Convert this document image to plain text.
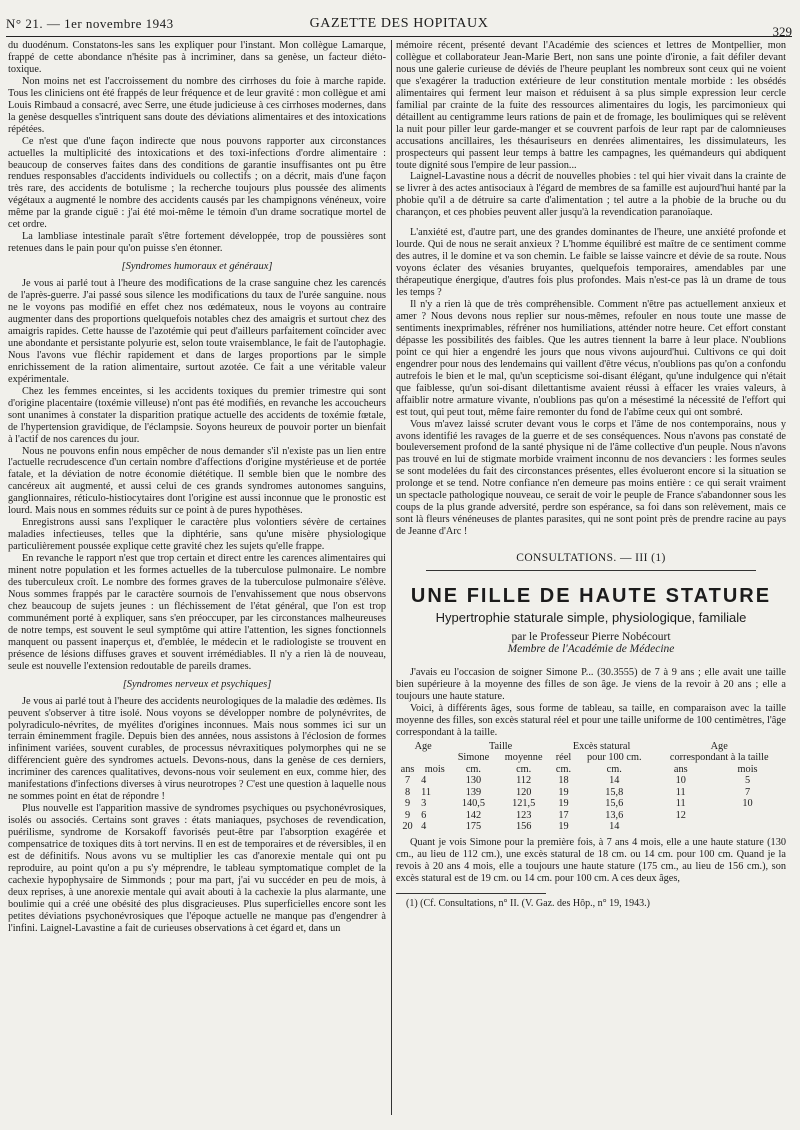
N° 21. — 1er novembre 1943	GAZETTE DES HOPITAUX
329

du duodénum. Constatons-les sans les expliquer pour l'instant. Mon collègue Lamarque, frappé de cette abondance n'hésite pas à incriminer, dans sa genèse, un facteur diéto-toxique.

Non moins net est l'accroissement du nombre des cirrhoses du foie à marche rapide. Tous les cliniciens ont été frappés de leur fréquence et de leur gravité : mon collègue et ami Louis Rimbaud a consacré, avec Serre, une étude judicieuse à ces cirrhoses modernes, dans la genèse desquelles s'intriquent sans doute des déviations alimentaires et des intoxications répétées.

Ce n'est que d'une façon indirecte que nous pouvons rapporter aux circonstances actuelles la multiplicité des intoxications et des toxi-infections d'ordre alimentaire : beaucoup de conserves faites dans des conditions de garantie insuffisantes ont pu être rendues responsables d'accidents individuels ou collectifs ; on a décrit, mais d'une façon très rare, des accidents de botulisme ; la recherche toujours plus poussée des aliments végétaux a augmenté le nombre des accidents causés par les champignons vénéneux, voire même par la grande ciguë : j'ai été moi-même le témoin d'un drame socratique mortel de cet ordre.

La lambliase intestinale paraît s'être fortement développée, trop de poussières sont retenues dans le pain pour qu'on puisse s'en étonner.

[Syndromes humoraux et généraux]

Je vous ai parlé tout à l'heure des modifications de la crase sanguine chez les carencés de l'après-guerre. J'ai passé sous silence les modifications du taux de l'urée sanguine. nous ne le voyons pas modifié en effet chez nos œdémateux, nous le voyons au contraire augmenter dans des proportions quelquefois notables chez des amaigris et surtout chez des amaigris rapides. Cette hausse de l'azotémie qui peut d'ailleurs parfaitement coïncider avec une abondante et persistante polyurie est, selon toute vraisemblance, le fait de l'autophagie. Nous l'avons vue fléchir rapidement et dans de larges proportions par le simple enrichissement de la ration alimentaire, surtout azotée. Ce fait a une véritable valeur expérimentale.

Chez les femmes enceintes, si les accidents toxiques du premier trimestre qui sont d'origine placentaire (toxémie villeuse) n'ont pas été modifiés, en revanche les accoucheurs sont unanimes à constater la disparition pratique actuelle des accidents de toxémie fœtale, de l'hypertension gravidique, de l'éclampsie. Soyons heureux de pouvoir porter un bienfait à l'actif de nos carences du jour.

Nous ne pouvons enfin nous empêcher de nous demander s'il n'existe pas un lien entre l'actuelle recrudescence d'un certain nombre d'affections d'origine mystérieuse et de portée fatale, et la déviation de notre économie diététique. Il semble bien que le nombre des cancéreux ait augmenté, et aussi celui de ces grands syndromes autonomes sanguins, ganglionnaires, réticulo-histiocytaires dont l'origine est aussi inconnue que le pronostic est lourd. Mais nous en sommes réduits sur ce point à de pures hypothèses.

Enregistrons aussi sans l'expliquer le caractère plus volontiers sévère de certaines maladies infectieuses, telles que la diphtérie, sans qu'une misère physiologique particulièrement poussée explique cette gravité chez les sujets qu'elle frappe.

En revanche le rapport n'est que trop certain et direct entre les carences alimentaires qui minent notre population et les formes actuelles de la tuberculose pulmonaire. Le nombre des tuberculeux croît. Le nombre des formes graves de la tuberculose pulmonaire s'élève. Nous sommes frappés par le caractère sournois de l'envahissement que nous observons chez beaucoup de sujets jeunes : un fléchissement de l'état général, que l'on est trop communément porté à expliquer, sans s'en préoccuper, par les circonstances malheureuses de notre temps, est souvent le seul symptôme qui attire l'attention, les signes fonctionnels manquent ou passent inaperçus et, d'emblée, le médecin et le radiologiste se trouvent en présence de lésions diffuses graves et souvent irrémédiables. Il n'y a rien là de nouveau, seule est nouvelle l'extension redoutable de pareils drames.

[Syndromes nerveux et psychiques]

Je vous ai parlé tout à l'heure des accidents neurologiques de la maladie des œdèmes. Ils peuvent s'observer à titre isolé. Nous voyons se développer nombre de polynévrites, de polyradiculo-névrites, de myélites d'origines inconnues. Mais nous sommes ici sur un terrain éminemment fragile. Depuis bien des années, nous assistons à l'éclosion de formes infiniment variées, souvent curables, de processus névraxitiques polymorphes qui ne se différencient guère des syndromes actuels. Devons-nous, dans la genèse de ces derniers, incriminer des carences qualitatives, devons-nous voir seulement en eux, comme hier, des manifestations d'infections diverses à virus neurotropes ? C'est une question à laquelle nous ne sommes point en état de répondre !

Plus nouvelle est l'apparition massive de syndromes psychiques ou psychonévrosiques, isolés ou associés. Certains sont graves : états maniaques, psychoses de revendication, puérilisme, syndrome de Korsakoff favorisés peut-être par l'absorption exagérée et compensatrice de toxiques dits à tort nervins. Il en est de temporaires et de réversibles, il en est de définitifs. Nous avons vu se multiplier les cas d'anorexie mentale qui ont pu reproduire, au point qu'on a pu s'y méprendre, le tableau symptomatique complet de la cachexie hypophysaire de Simmonds ; pour ma part, j'ai vu succéder en peu de mois, à deux reprises, à une anorexie mentale qui avait abouti à la cachexie la plus alarmante, une boulimie qui a créé une obésité des plus disgracieuses. Plus superficielles encore sont les petites déviations psychonévrosiques que l'époque actuelle ne manque pas d'engendrer à l'infini. Laignel-Lavastine a fait de curieuses observations à cet égard et, dans un

mémoire récent, présenté devant l'Académie des sciences et lettres de Montpellier, mon collègue et collaborateur Jean-Marie Bert, non sans une pointe d'ironie, a fait défiler devant nous une galerie curieuse de déviés de l'heure peuplant les nombreux sont ceux qui ne voient que s'exagérer la traduction extérieure de leur constitution mentale morbide : les obsédés alimentaires qui ferment leur maison et réduisent à sa plus simple expression leur cercle familial par crainte de la fuite des ressources alimentaires du logis, les parcimonieux qui détaillent au centigramme leurs rations de pain et de fromage, les boulimiques qui se relèvent la nuit pour piller leur garde-manger et se couvrent parfois de leur rapt par de calomnieuses accusations ancillaires, les thésauriseurs en denrées alimentaires, les dissimulateurs, les prospecteurs qui passent leur temps à battre les campagnes, les quémandeurs qui abdiquent toute dignité sous l'empire de leur passion...

Laignel-Lavastine nous a décrit de nouvelles phobies : tel qui hier vivait dans la crainte de se livrer à des actes antisociaux à l'égard de membres de sa famille est aujourd'hui hanté par la phobie qu'il a de détruire sa carte d'alimentation ; tel autre a la phobie de la bruche ou du charançon, et ces phobies peuvent aller jusqu'à la revendication paranoïaque.

L'anxiété est, d'autre part, une des grandes dominantes de l'heure, une anxiété profonde et lourde. Qui de nous ne serait anxieux ? L'homme équilibré est maître de ce sentiment comme des autres, il le domine et va son chemin. Le faible se laisse vaincre et dévie de sa route. Nous voyons éclater des vésanies bruyantes, quelquefois temporaires, amendables par une thérapeutique énergique, d'autres fois plus profondes. Mais n'est-ce pas là un drame de tous les temps ?

Il n'y a rien là que de très compréhensible. Comment n'être pas actuellement anxieux et amer ? Nous devons nous replier sur nous-mêmes, refouler en nous toute une masse de sentiments inexprimables, réfréner nos humiliations, atténder notre heure. Cet effort constant dépasse les possibilités des faibles. Que les autres tiennent la barre à leur place. N'oublions point ce qui hier a engendré les jours que nous vivons aujourd'hui. Cultivons ce qui doit engendrer pour nous des lendemains qui vaillent d'être vécus, n'oublions pas qu'on a confondu autrefois le bien et le mal, qu'un scepticisme soi-disant élégant, qu'une indulgence qui n'était que faiblesse, qu'un soi-disant dilettantisme avaient réussi à effacer les vraies valeurs, à affaiblir notre armature vivante, n'oublions pas qu'on a mésestimé la nécessité de l'effort qui est tout, qui peut tout, même faire remonter du fond de l'abîme ceux qui ont sombré.

Vous m'avez laissé scruter devant vous le corps et l'âme de nos contemporains, nous y avons identifié les ravages de la guerre et de ses conséquences. Nous n'avons pas constaté de bouleversement profond de la santé physique ni de l'âme collective d'un peuple. Nous n'avons pas trouvé en lui de stigmate morbide vraiment inconnu de nos devanciers : les formes seules se sont modelées du fait des circonstances présentes, elles évolueront encore si la situation se prolonge et se tend. Notre confiance n'en demeure pas moins entière : ce qui serait vraiment un spectacle pathologique nouveau, ce serait de voir le peuple de France s'abandonner sous les coups de la plus grande adversité, perdre son espérance, sa foi dans son relèvement, mais ce sont là fleurs vénéneuses de plantes parasites, qui ne sont point près de prendre racine au pays de Jeanne d'Arc !

CONSULTATIONS. — III (1)
UNE FILLE DE HAUTE STATURE
Hypertrophie staturale simple, physiologique, familiale
par le Professeur Pierre Nobécourt
Membre de l'Académie de Médecine

J'avais eu l'occasion de soigner Simone P... (30.3555) de 7 à 9 ans ; elle avait une taille bien supérieure à la moyenne des filles de son âge. Je viens de la revoir à 20 ans ; elle a toujours une haute stature.

Voici, à différents âges, sous forme de tableau, sa taille, en comparaison avec la taille moyenne des filles, son excès statural réel et pour une taille uniforme de 100 centimètres, l'âge correspondant à la taille.

Age		Taille		Excès statural		Age	
		Simone	moyenne	réel	pour 100 cm.	correspondant à la taille	
ans	mois	cm.	cm.	cm.	cm.	ans	mois
7	4	130	112	18	14	10	5
8	11	139	120	19	15,8	11	7
9	3	140,5	121,5	19	15,6	11	10
9	6	142	123	17	13,6	12	
20	4	175	156	19	14		

Quant je vois Simone pour la première fois, à 7 ans 4 mois, elle a une haute stature (130 cm., au lieu de 112 cm.), une excès statural de 18 cm. ou 14 cm. pour 100 cm. Quand je la revois à 20 ans 4 mois, elle a toujours une haute stature (175 cm., au lieu de 156 cm.), son excès statural est de 19 cm. ou 14 cm. pour 100 cm. A ces deux âges,

(1) (Cf. Consultations, n° II. (V. Gaz. des Hôp., n° 19, 1943.)
